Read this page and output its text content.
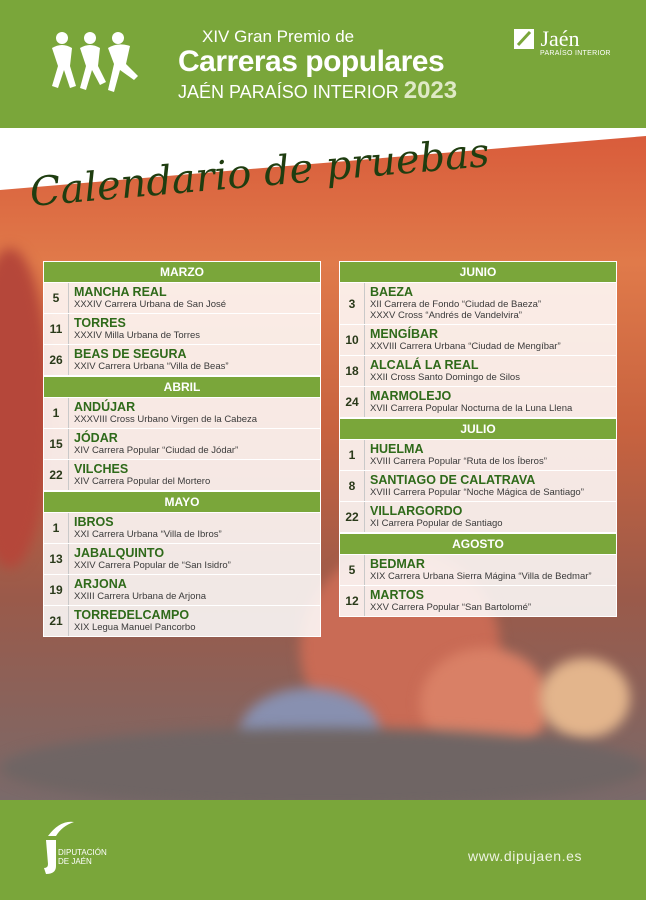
XIV Gran Premio de
Carreras populares
JAÉN PARAÍSO INTERIOR 2023
Jaén
PARAÍSO INTERIOR
Calendario de pruebas
MARZO
5	MANCHA REAL
XXXIV Carrera Urbana de San José
11 TORRES
XXXIV Milla Urbana de Torres
26 BEAS DE SEGURA
XXIV Carrera Urbana “Villa de Beas”
ABRIL
1	ANDÚJAR
XXXVIII Cross Urbano Virgen de la Cabeza
15 JÓDAR
XIV Carrera Popular “Ciudad de Jódar”
22 VILCHES
XIV Carrera Popular del Mortero
MAYO
1	IBROS
XXI Carrera Urbana “Villa de Ibros”
13 JABALQUINTO
XXIV Carrera Popular de “San Isidro”
19 ARJONA
XXIII Carrera Urbana de Arjona
21 TORREDELCAMPO
XIX Legua Manuel Pancorbo
JUNIO
3
BAEZA
XII Carrera de Fondo “Ciudad de Baeza”
XXXV Cross “Andrés de Vandelvira”
10 MENGÍBAR
XXVIII Carrera Urbana “Ciudad de Mengíbar”
18 ALCALÁ LA REAL
XXII Cross Santo Domingo de Silos
24 MARMOLEJO
XVII Carrera Popular Nocturna de la Luna Llena
JULIO
1	HUELMA
XVIII Carrera Popular “Ruta de los Íberos”
8	SANTIAGO DE CALATRAVA
XVIII Carrera Popular “Noche Mágica de Santiago”
22 VILLARGORDO
XI Carrera Popular de Santiago
AGOSTO
5	BEDMAR
XIX Carrera Urbana Sierra Mágina “Villa de Bedmar”
12 MARTOS
XXV Carrera Popular “San Bartolomé”
DIPUTACIÓN
DE JAÉN	www.dipujaen.es
